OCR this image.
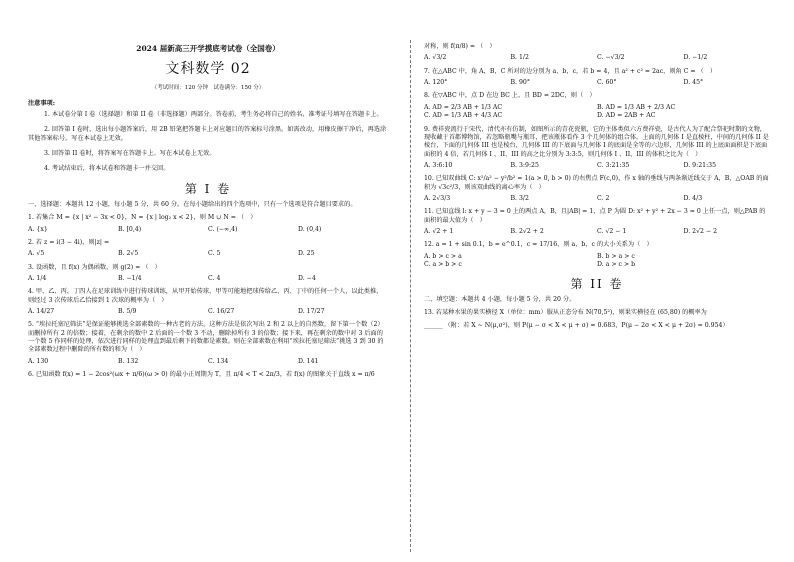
2024 届新高三开学摸底考试卷（全国卷）
文科数学 02
（考试时间：120 分钟　试卷满分：150 分）
注意事项:
1. 本试卷分第 I 卷（选择题）和第 II 卷（非选择题）两部分。答卷前，考生务必将自己的姓名、准考证号填写在答题卡上。
2. 回答第 I 卷时，选出每小题答案后，用 2B 铅笔把答题卡上对应题目的答案标号涂黑。如需改动，用橡皮擦干净后，再选涂其他答案标号。写在本试卷上无效。
3. 回答第 II 卷时，将答案写在答题卡上。写在本试卷上无效。
4. 考试结束后，将本试卷和答题卡一并交回。
第 I 卷
一、选择题：本题共 12 小题，每小题 5 分，共 60 分。在每小题给出的四个选项中，只有一个选项是符合题目要求的。
1. 若集合 M = {x | x² − 3x < 0}，N = {x | log₂ x < 2}，则 M ∪ N = （　）
A. {x}	B. [0,4)	C. (−∞,4)	D. (0,4)
2. 若 z = i(3 − 4i)，则|z| =
A. √5	B. 2√5	C. 5	D. 25
3. 设函数，且 f(x) 为偶函数，则 g(2) = （　）
A. 1/4	B. −1/4	C. 4	D. −4
4. 甲、乙、丙、丁四人在足球训练中进行传球训练，从甲开始传球，甲等可能地把球传给乙、丙、丁中的任何一个人，以此类推，则经过 3 次传球后乙恰接到 1 次球的概率为（　）
A. 14/27	B. 5/9	C. 16/27	D. 17/27
5. “埃拉托塞尼筛法”是保证能够挑选全部素数的一种古老的方法。这种方法是依次写出 2 和 2 以上的自然数，留下第一个数（2）而删掉所有 2 的倍数；接着，在剩余的数中 2 后面的一个数 3 不动，删除掉所有 3 的倍数；接下来，再在剩余的数中对 3 后面的一个数 5 作同样的处理，依次进行同样的处理直到最后剩下的数都是素数。则在全部素数在利用“埃拉托塞尼筛法”挑选 3 到 30 的全部素数过程中删除的所有数的和为（　）
A. 130	B. 132	C. 134	D. 141
6. 已知函数 f(x) = 1 − 2cos²(ωx + π/6)(ω > 0) 的最小正周期为 T，且 π/4 < T < 2π/3，若 f(x) 的图象关于直线 x = π/6
对称，则 f(π/8) = （　）
A. √3/2	B. 1/2	C. −√3/2	D. −1/2
7. 在△ABC 中，角 A，B，C 所对的边分别为 a，b，c，若 b = 4，且 a² + c² = 2ac，则角 C = （　）
A. 120°	B. 90°	C. 60°	D. 45°
8. 在▽ABC 中，点 D 在边 BC 上，且 BD = 2DC，则（　）
A. AD = 2/3 AB + 1/3 AC	B. AD = 1/3 AB + 2/3 AC
C. AD = 1/3 AB + 4/3 AC	D. AD = 2AB + AC
9. 费祥瓷流行于宋代，清代亦有仿制，如图所示的青花瓷瓶，它的主体类似六方费祥瓷，是古代人为了配合祭祀时期的文物，现收藏于首都博物馆，若忽略瓶嘴与瓶耳，把该瓶体看作 3 个几何体的组合体，上面的几何体 I 是直棱柱，中间的几何体 II 是棱台，下面的几何体 III 也是棱台，几何体 III 的下底面与几何体 I 的底面是全等的六边形，几何体 III 的上底面面积是下底面面积的 4 倍，若几何体 I 、II、III 的高之比分别为 3:3:5，则几何体 I 、II、III 的体积之比为（　）
A. 3:6:10	B. 3:9:25	C. 3:21:35	D. 9:21:35
10. 已知双曲线 C: x²/a² − y²/b² = 1(a > 0, b > 0) 的右焦点 F(c,0)，作 x 轴的垂线与两条渐近线交于 A，B，△OAB 的面积为 √3c²/3，则该双曲线的离心率为（　）
A. 2√3/3	B. 3/2	C. 2	D. 4/3
11. 已知直线 l: x + y − 3 = 0 上的两点 A，B，且|AB| = 1，点 P 为圆 D: x² + y² + 2x − 3 = 0 上任一点，则△PAB 的面积的最大值为（　）
A. √2 + 1	B. 2√2 + 2	C. √2 − 1	D. 2√2 − 2
12. a = 1 + sin 0.1，b = e^0.1，c = 17/16，则 a，b，c 的大小关系为（　）
A. b > c > a	B. b > a > c
C. a > b > c	D. a > c > b
第 II 卷
二、填空题：本题共 4 小题，每小题 5 分，共 20 分。
13. 若某种水果的果实横径 X（单位：mm）服从正态分布 N(70,5²)，则果实横径在 (65,80) 的概率为
______ （附：若 X ~ N(μ,σ²)，则 P(μ − σ < X < μ + σ) ≈ 0.683，P(μ − 2σ < X < μ + 2σ) ≈ 0.954）
